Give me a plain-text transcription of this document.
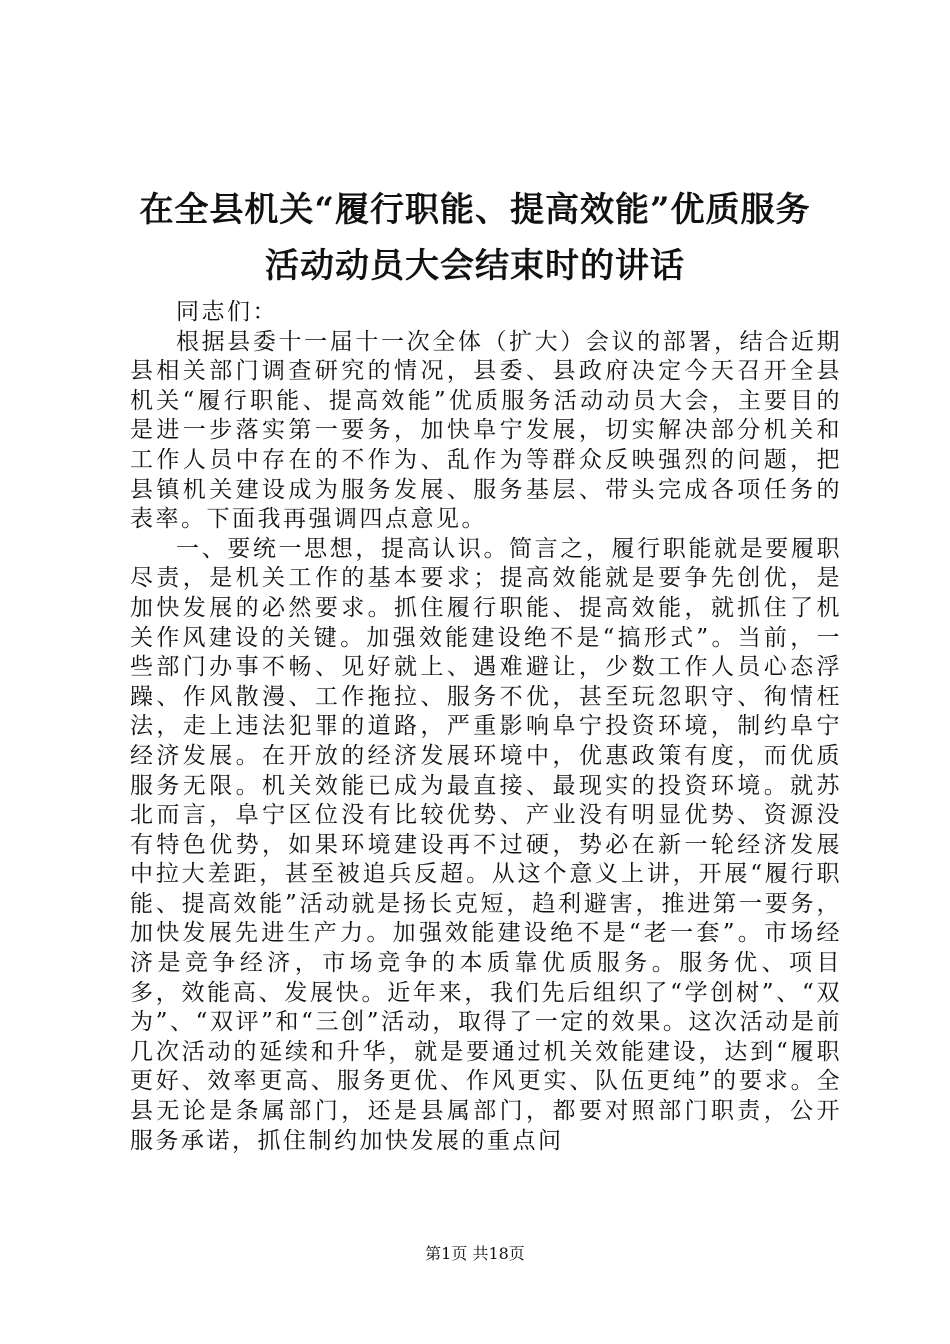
在全县机关“履行职能、提高效能”优质服务
活动动员大会结束时的讲话

同志们：

根据县委十一届十一次全体（扩大）会议的部署，结合近期县相关部门调查研究的情况，县委、县政府决定今天召开全县机关“履行职能、提高效能”优质服务活动动员大会，主要目的是进一步落实第一要务，加快阜宁发展，切实解决部分机关和工作人员中存在的不作为、乱作为等群众反映强烈的问题，把县镇机关建设成为服务发展、服务基层、带头完成各项任务的表率。下面我再强调四点意见。

一、要统一思想，提高认识。简言之，履行职能就是要履职尽责，是机关工作的基本要求；提高效能就是要争先创优，是加快发展的必然要求。抓住履行职能、提高效能，就抓住了机关作风建设的关键。加强效能建设绝不是“搞形式”。当前，一些部门办事不畅、见好就上、遇难避让，少数工作人员心态浮躁、作风散漫、工作拖拉、服务不优，甚至玩忽职守、徇情枉法，走上违法犯罪的道路，严重影响阜宁投资环境，制约阜宁经济发展。在开放的经济发展环境中，优惠政策有度，而优质服务无限。机关效能已成为最直接、最现实的投资环境。就苏北而言，阜宁区位没有比较优势、产业没有明显优势、资源没有特色优势，如果环境建设再不过硬，势必在新一轮经济发展中拉大差距，甚至被追兵反超。从这个意义上讲，开展“履行职能、提高效能”活动就是扬长克短，趋利避害，推进第一要务，加快发展先进生产力。加强效能建设绝不是“老一套”。市场经济是竞争经济，市场竞争的本质靠优质服务。服务优、项目多，效能高、发展快。近年来，我们先后组织了“学创树”、“双为”、“双评”和“三创”活动，取得了一定的效果。这次活动是前几次活动的延续和升华，就是要通过机关效能建设，达到“履职更好、效率更高、服务更优、作风更实、队伍更纯”的要求。全县无论是条属部门，还是县属部门，都要对照部门职责，公开服务承诺，抓住制约加快发展的重点问

第1页 共18页
